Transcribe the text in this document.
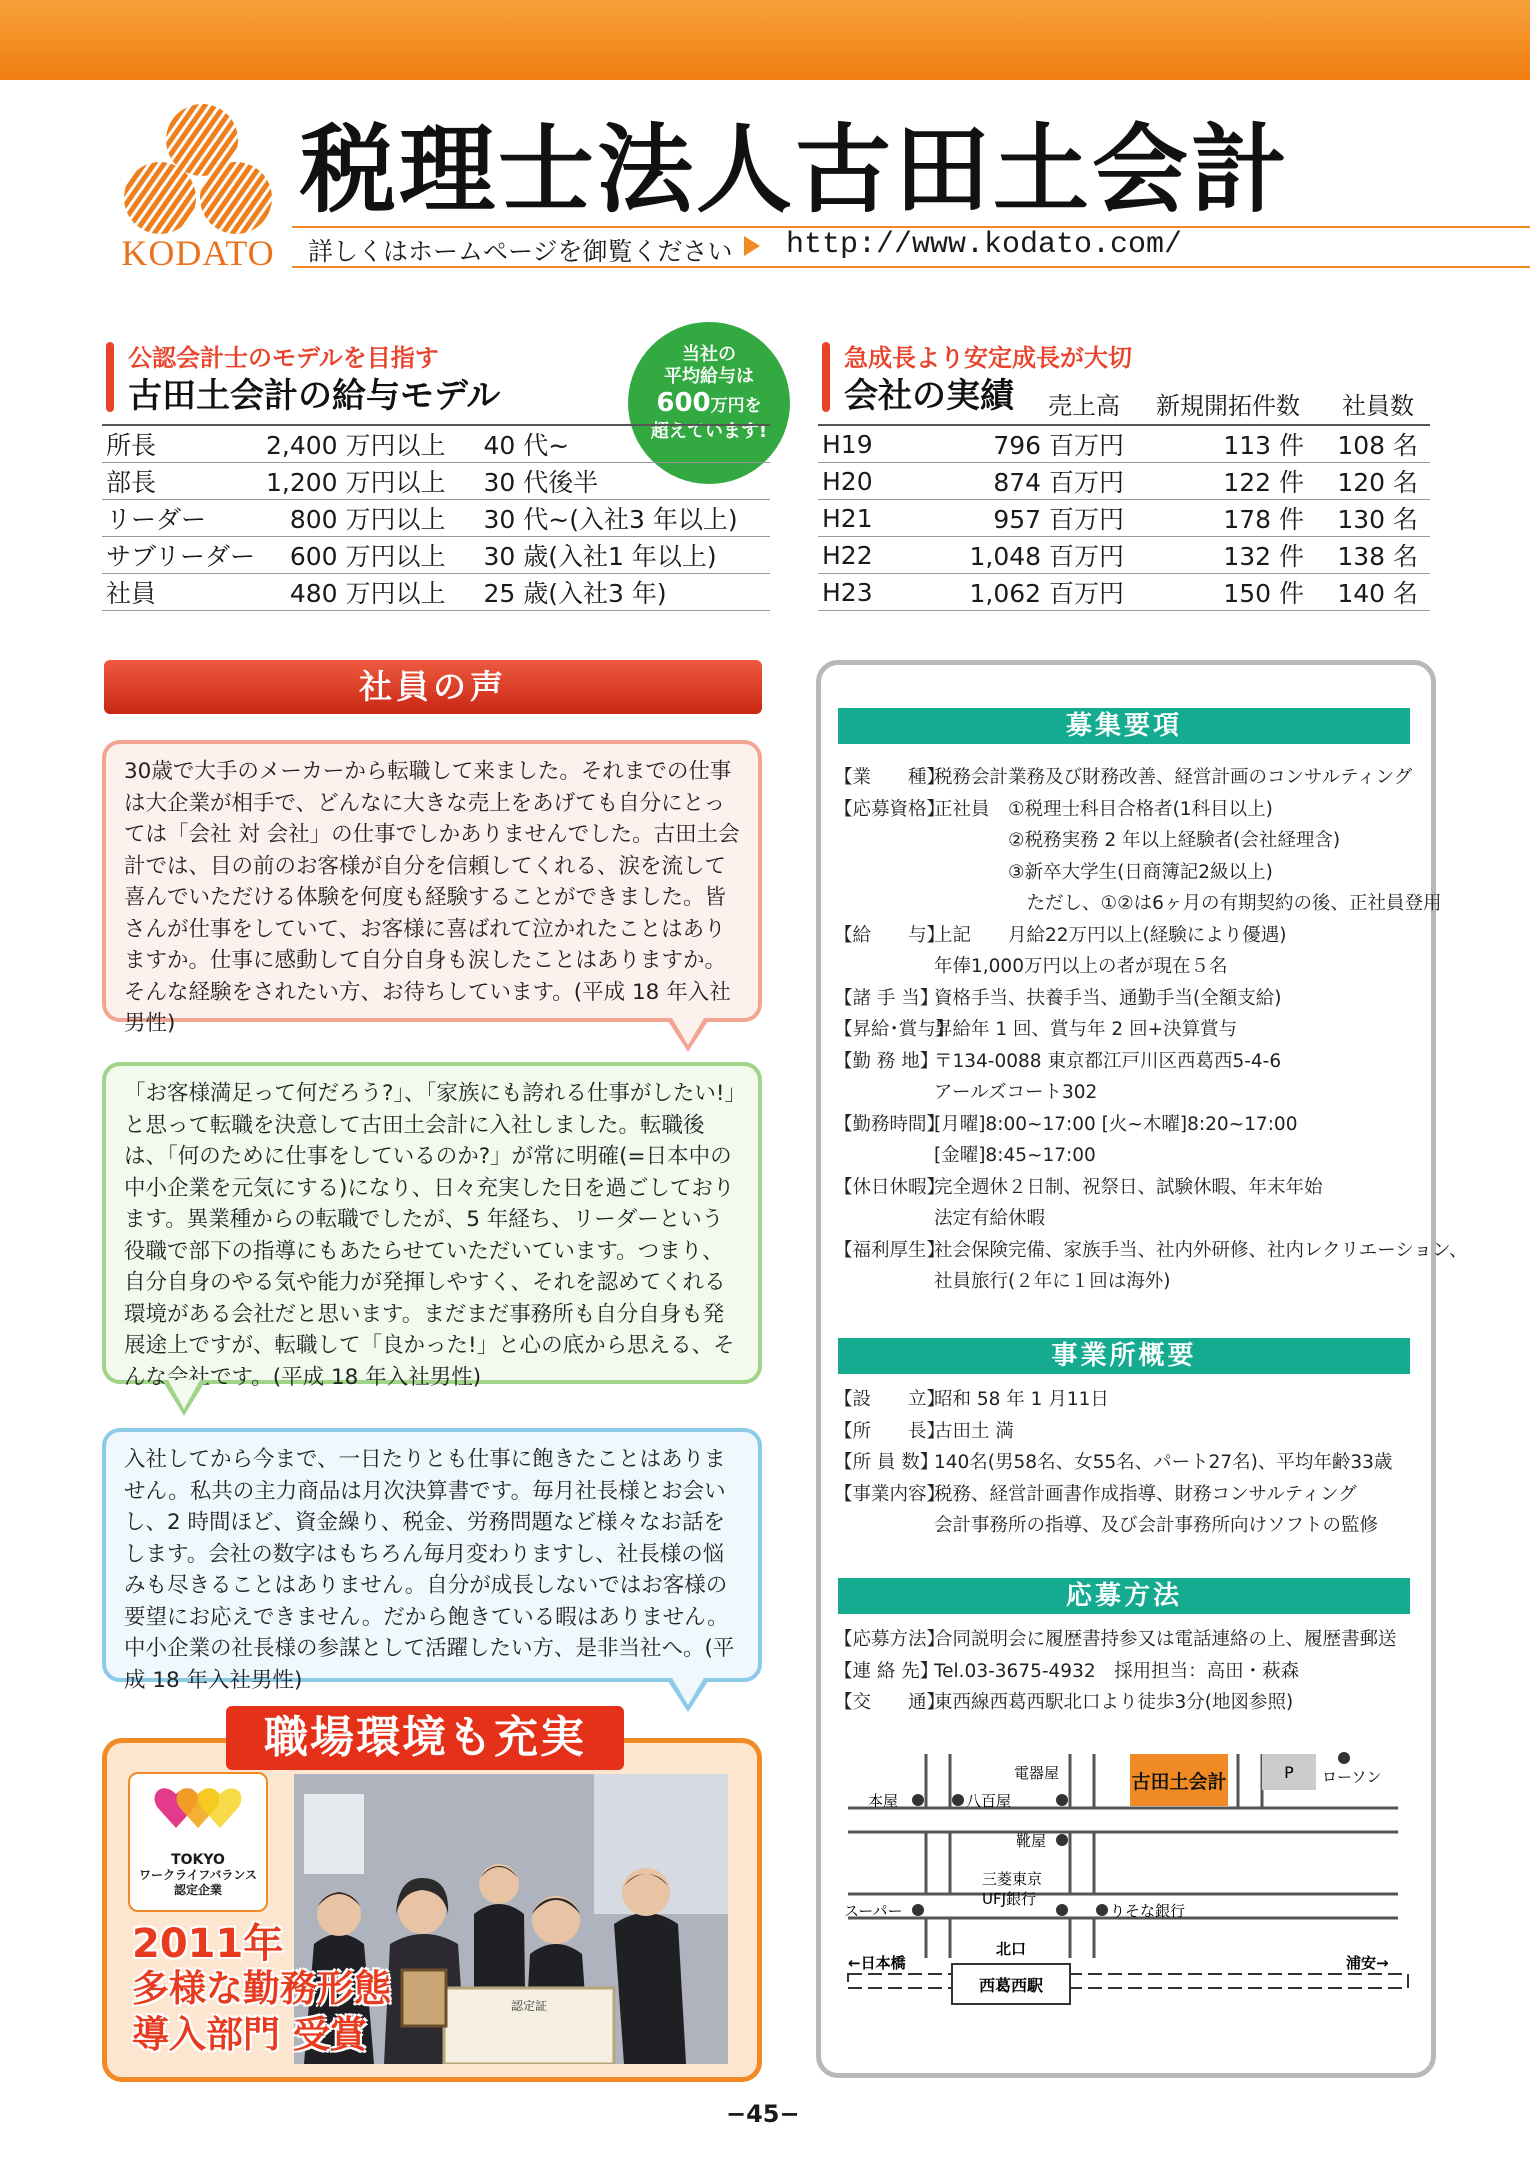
KODATO
税理士法人古田土会計
詳しくはホームページを御覧ください http://www.kodato.com/
公認会計士のモデルを目指す
古田土会計の給与モデル
当社の
平均給与は
600万円を
超えています!
所長	2,400 万円以上	40 代~
部長	1,200 万円以上	30 代後半
リーダー	800 万円以上	30 代~(入社3 年以上)
サブリーダー	600 万円以上	30 歳(入社1 年以上)
社員	480 万円以上	25 歳(入社3 年)
急成長より安定成長が大切
会社の実績 売上高 新規開拓件数 社員数
H19	796 百万円	113 件	108 名
H20	874 百万円	122 件	120 名
H21	957 百万円	178 件	130 名
H22	1,048 百万円	132 件	138 名
H23	1,062 百万円	150 件	140 名
社員の声
30歳で大手のメーカーから転職して来ました。それまでの仕事は大企業が相手で、どんなに大きな売上をあげても自分にとっては「会社 対 会社」の仕事でしかありませんでした。古田土会計では、目の前のお客様が自分を信頼してくれる、涙を流して喜んでいただける体験を何度も経験することができました。皆さんが仕事をしていて、お客様に喜ばれて泣かれたことはありますか。仕事に感動して自分自身も涙したことはありますか。そんな経験をされたい方、お待ちしています。(平成 18 年入社男性)
「お客様満足って何だろう?」、「家族にも誇れる仕事がしたい!」と思って転職を決意して古田土会計に入社しました。転職後は、「何のために仕事をしているのか?」が常に明確(=日本中の中小企業を元気にする)になり、日々充実した日を過ごしております。異業種からの転職でしたが、5 年経ち、リーダーという役職で部下の指導にもあたらせていただいています。つまり、自分自身のやる気や能力が発揮しやすく、それを認めてくれる環境がある会社だと思います。まだまだ事務所も自分自身も発展途上ですが、転職して「良かった!」と心の底から思える、そんな会社です。(平成 18 年入社男性)
入社してから今まで、一日たりとも仕事に飽きたことはありません。私共の主力商品は月次決算書です。毎月社長様とお会いし、2 時間ほど、資金繰り、税金、労務問題など様々なお話をします。会社の数字はもちろん毎月変わりますし、社長様の悩みも尽きることはありません。自分が成長しないではお客様の要望にお応えできません。だから飽きている暇はありません。中小企業の社長様の参謀として活躍したい方、是非当社へ。(平成 18 年入社男性)
職場環境も充実
TOKYO
ワークライフバランス
認定企業
認定証
2011年
多様な勤務形態
導入部門 受賞
募集要項
【業　　種】税務会計業務及び財務改善、経営計画のコンサルティング
【応募資格】正社員　①税理士科目合格者(1科目以上)
　　　　②税務実務 2 年以上経験者(会社経理含)
　　　　③新卒大学生(日商簿記2級以上)
　　　　　ただし、①②は6ヶ月の有期契約の後、正社員登用
【給　　与】上記　　月給22万円以上(経験により優遇)
年俸1,000万円以上の者が現在５名
【諸 手 当】資格手当、扶養手当、通勤手当(全額支給)
【昇給･賞与】昇給年 1 回、賞与年 2 回+決算賞与
【勤 務 地】〒134-0088 東京都江戸川区西葛西5-4-6
アールズコート302
【勤務時間】[月曜]8:00~17:00 [火~木曜]8:20~17:00
[金曜]8:45~17:00
【休日休暇】完全週休２日制、祝祭日、試験休暇、年末年始
法定有給休暇
【福利厚生】社会保険完備、家族手当、社内外研修、社内レクリエーション、
社員旅行(２年に１回は海外)
事業所概要
【設　　立】昭和 58 年 1 月11日
【所　　長】古田土 満
【所 員 数】140名(男58名、女55名、パート27名)、平均年齢33歳
【事業内容】税務、経営計画書作成指導、財務コンサルティング
会計事務所の指導、及び会計事務所向けソフトの監修
応募方法
【応募方法】合同説明会に履歴書持参又は電話連絡の上、履歴書郵送
【連 絡 先】Tel.03-3675-4932　採用担当：高田・萩森
【交　　通】東西線西葛西駅北口より徒歩3分(地図参照)
西葛西駅
北口
←日本橋	浦安→
古田土会計	P
本屋	八百屋
電器屋	ローソン
靴屋
スーパー
三菱東京
UFJ銀行
りそな銀行
−45−
